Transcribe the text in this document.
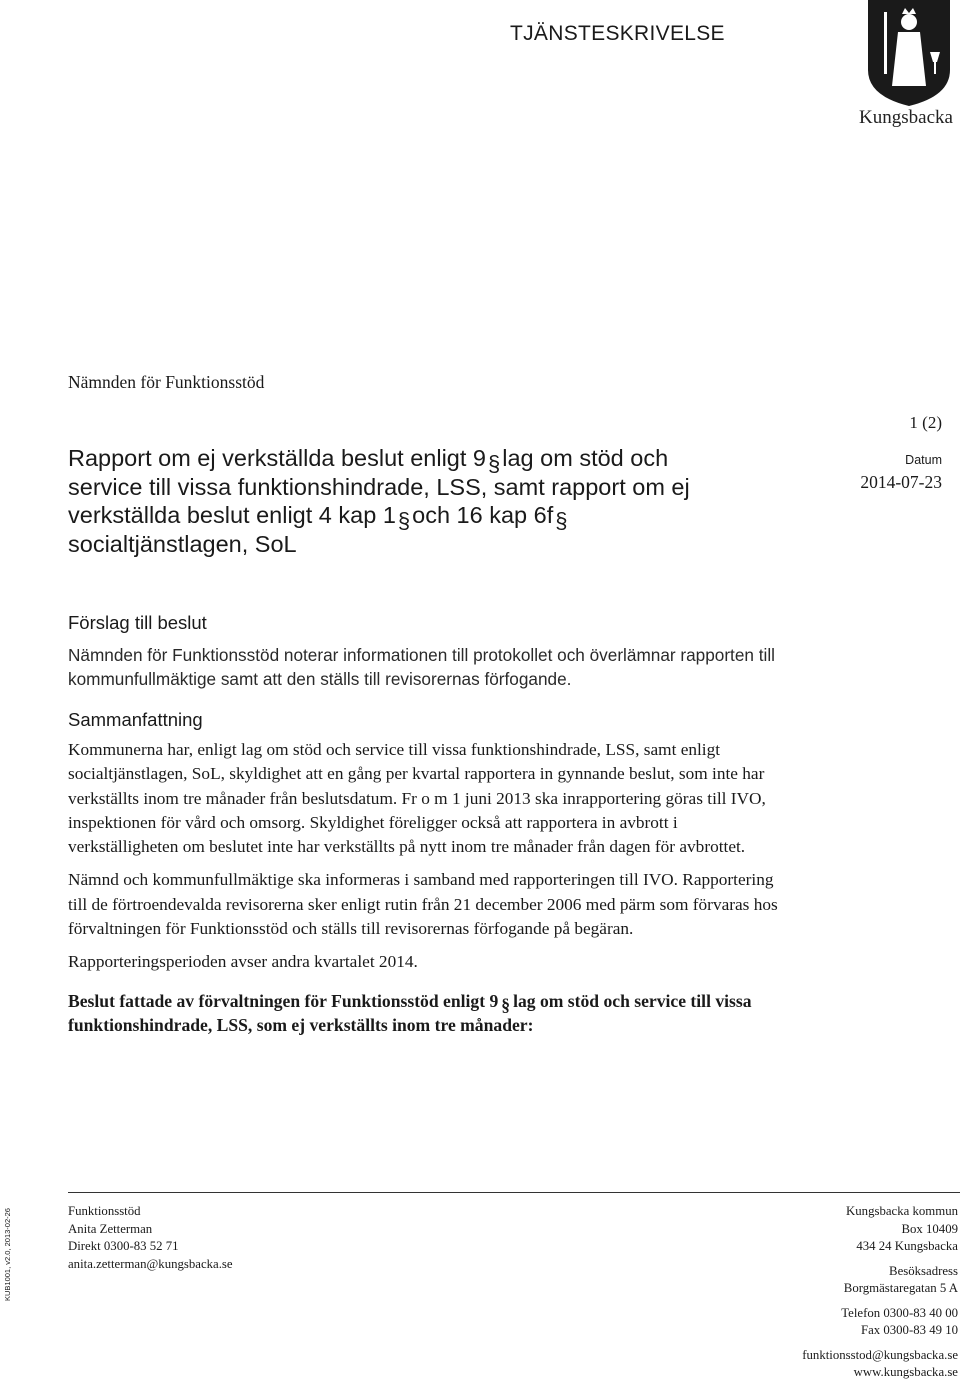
TJÄNSTESKRIVELSE
Kungsbacka
Nämnden för Funktionsstöd
Rapport om ej verkställda beslut enligt 9§lag om stöd och
service till vissa funktionshindrade, LSS, samt rapport om ej
verkställda beslut enligt 4 kap 1§och 16 kap 6f§
socialtjänstlagen, SoL
1 (2)
Datum
2014-07-23
Förslag till beslut
Nämnden för Funktionsstöd noterar informationen till protokollet och överlämnar rapporten till kommunfullmäktige samt att den ställs till revisorernas förfogande.
Sammanfattning

Kommunerna har, enligt lag om stöd och service till vissa funktionshindrade, LSS, samt enligt socialtjänstlagen, SoL, skyldighet att en gång per kvartal rapportera in gynnande beslut, som inte har verkställts inom tre månader från beslutsdatum. Fr o m 1 juni 2013 ska inrapportering göras till IVO, inspektionen för vård och omsorg. Skyldighet föreligger också att rapportera in avbrott i verkställigheten om beslutet inte har verkställts på nytt inom tre månader från dagen för avbrottet.

Nämnd och kommunfullmäktige ska informeras i samband med rapporteringen till IVO. Rapportering till de förtroendevalda revisorerna sker enligt rutin från 21 december 2006 med pärm som förvaras hos förvaltningen för Funktionsstöd och ställs till revisorernas förfogande på begäran.

Rapporteringsperioden avser andra kvartalet 2014.

Beslut fattade av förvaltningen för Funktionsstöd enligt 9 § lag om stöd och service till vissa funktionshindrade, LSS, som ej verkställts inom tre månader:

KUB1001, v2.0, 2013-02-26	Funktionsstöd
Anita Zetterman
Direkt 0300-83 52 71
anita.zetterman@kungsbacka.se
Kungsbacka kommun
Box 10409
434 24 Kungsbacka
Besöksadress
Borgmästaregatan 5 A
Telefon 0300-83 40 00
Fax 0300-83 49 10
funktionsstod@kungsbacka.se
www.kungsbacka.se
